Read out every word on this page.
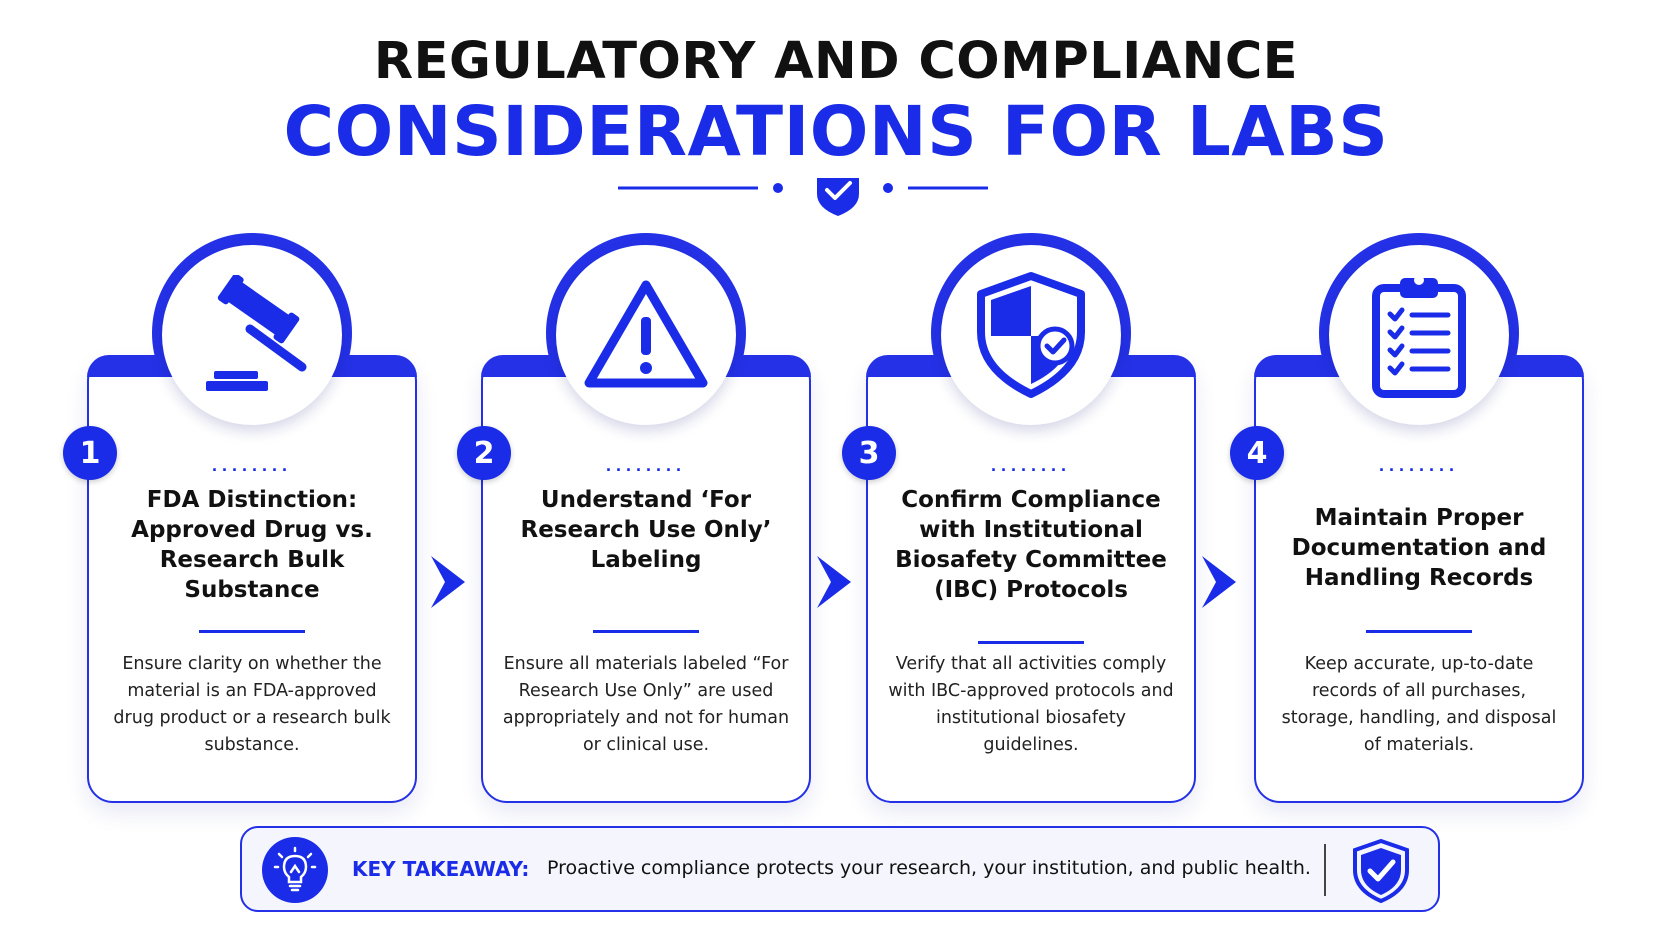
REGULATORY AND COMPLIANCE
CONSIDERATIONS FOR LABS
1	........
FDA Distinction: Approved Drug vs. Research Bulk Substance
Ensure clarity on whether the material is an FDA-approved drug product or a research bulk substance.
2	........
Understand ‘For Research Use Only’ Labeling
Ensure all materials labeled “For Research Use Only” are used appropriately and not for human or clinical use.
3	........
Confirm Compliance with Institutional Biosafety Committee (IBC) Protocols
Verify that all activities comply with IBC-approved protocols and institutional biosafety guidelines.
4	........
Maintain Proper Documentation and Handling Records
Keep accurate, up-to-date records of all purchases, storage, handling, and disposal of materials.
KEY TAKEAWAY: Proactive compliance protects your research, your institution, and public health.
